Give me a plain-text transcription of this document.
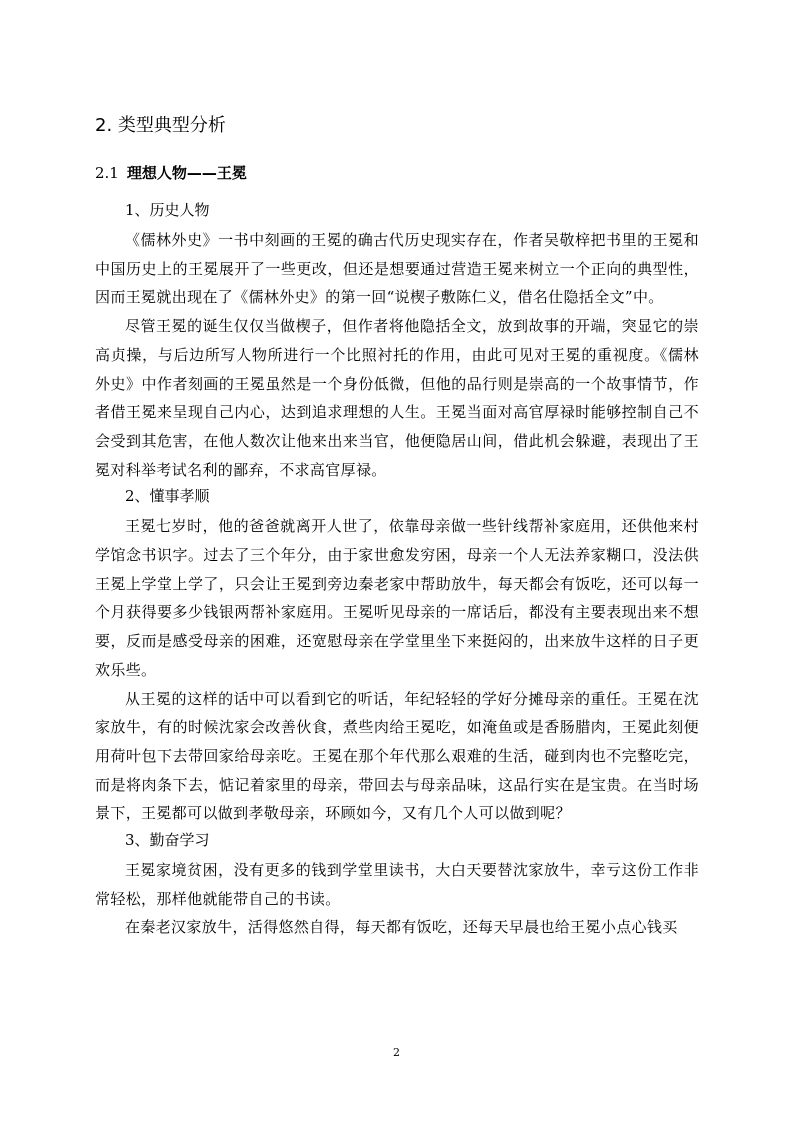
2. 类型典型分析
2.1 理想人物——王冕

1、历史人物

《儒林外史》一书中刻画的王冕的确古代历史现实存在，作者吴敬梓把书里的王冕和中国历史上的王冕展开了一些更改，但还是想要通过营造王冕来树立一个正向的典型性，因而王冕就出现在了《儒林外史》的第一回“说楔子敷陈仁义，借名仕隐括全文”中。

尽管王冕的诞生仅仅当做楔子，但作者将他隐括全文，放到故事的开端，突显它的崇高贞操，与后边所写人物所进行一个比照衬托的作用，由此可见对王冕的重视度。《儒林外史》中作者刻画的王冕虽然是一个身份低微，但他的品行则是崇高的一个故事情节，作者借王冕来呈现自己内心，达到追求理想的人生。王冕当面对高官厚禄时能够控制自己不会受到其危害，在他人数次让他来出来当官，他便隐居山间，借此机会躲避，表现出了王冕对科举考试名利的鄙弃，不求高官厚禄。

2、懂事孝顺

王冕七岁时，他的爸爸就离开人世了，依靠母亲做一些针线帮补家庭用，还供他来村学馆念书识字。过去了三个年分，由于家世愈发穷困，母亲一个人无法养家糊口，没法供王冕上学堂上学了，只会让王冕到旁边秦老家中帮助放牛，每天都会有饭吃，还可以每一个月获得要多少钱银两帮补家庭用。王冕听见母亲的一席话后，都没有主要表现出来不想要，反而是感受母亲的困难，还宽慰母亲在学堂里坐下来挺闷的，出来放牛这样的日子更欢乐些。

从王冕的这样的话中可以看到它的听话，年纪轻轻的学好分摊母亲的重任。王冕在沈家放牛，有的时候沈家会改善伙食，煮些肉给王冕吃，如淹鱼或是香肠腊肉，王冕此刻便用荷叶包下去带回家给母亲吃。王冕在那个年代那么艰难的生活，碰到肉也不完整吃完，而是将肉条下去，惦记着家里的母亲，带回去与母亲品味，这品行实在是宝贵。在当时场景下，王冕都可以做到孝敬母亲，环顾如今，又有几个人可以做到呢？

3、勤奋学习

王冕家境贫困，没有更多的钱到学堂里读书，大白天要替沈家放牛，幸亏这份工作非常轻松，那样他就能带自己的书读。

在秦老汉家放牛，活得悠然自得，每天都有饭吃，还每天早晨也给王冕小点心钱买

2
